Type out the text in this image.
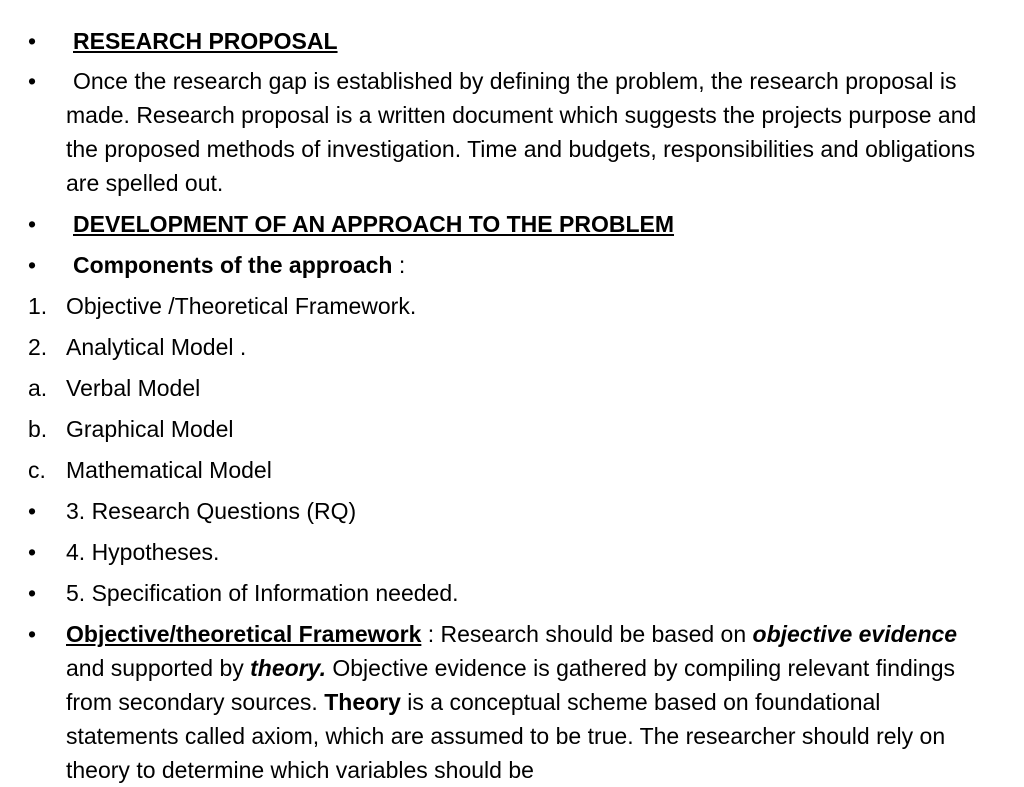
•	RESEARCH PROPOSAL
•	Once the research gap is established by defining the problem, the research proposal is made. Research proposal is a written document which suggests the projects purpose and the proposed methods of investigation. Time and budgets, responsibilities and obligations are spelled out.
•	DEVELOPMENT OF AN APPROACH TO THE PROBLEM
•	Components of the approach :
1. Objective /Theoretical Framework.
2. Analytical Model .
a. Verbal Model
b. Graphical Model
c. Mathematical Model
•	3. Research Questions (RQ)
•	4. Hypotheses.
•	5. Specification of Information needed.
•	Objective/theoretical Framework : Research should be based on objective evidence and supported by theory. Objective evidence is gathered by compiling relevant findings from secondary sources. Theory is a conceptual scheme based on foundational statements called axiom, which are assumed to be true. The researcher should rely on theory to determine which variables should be
